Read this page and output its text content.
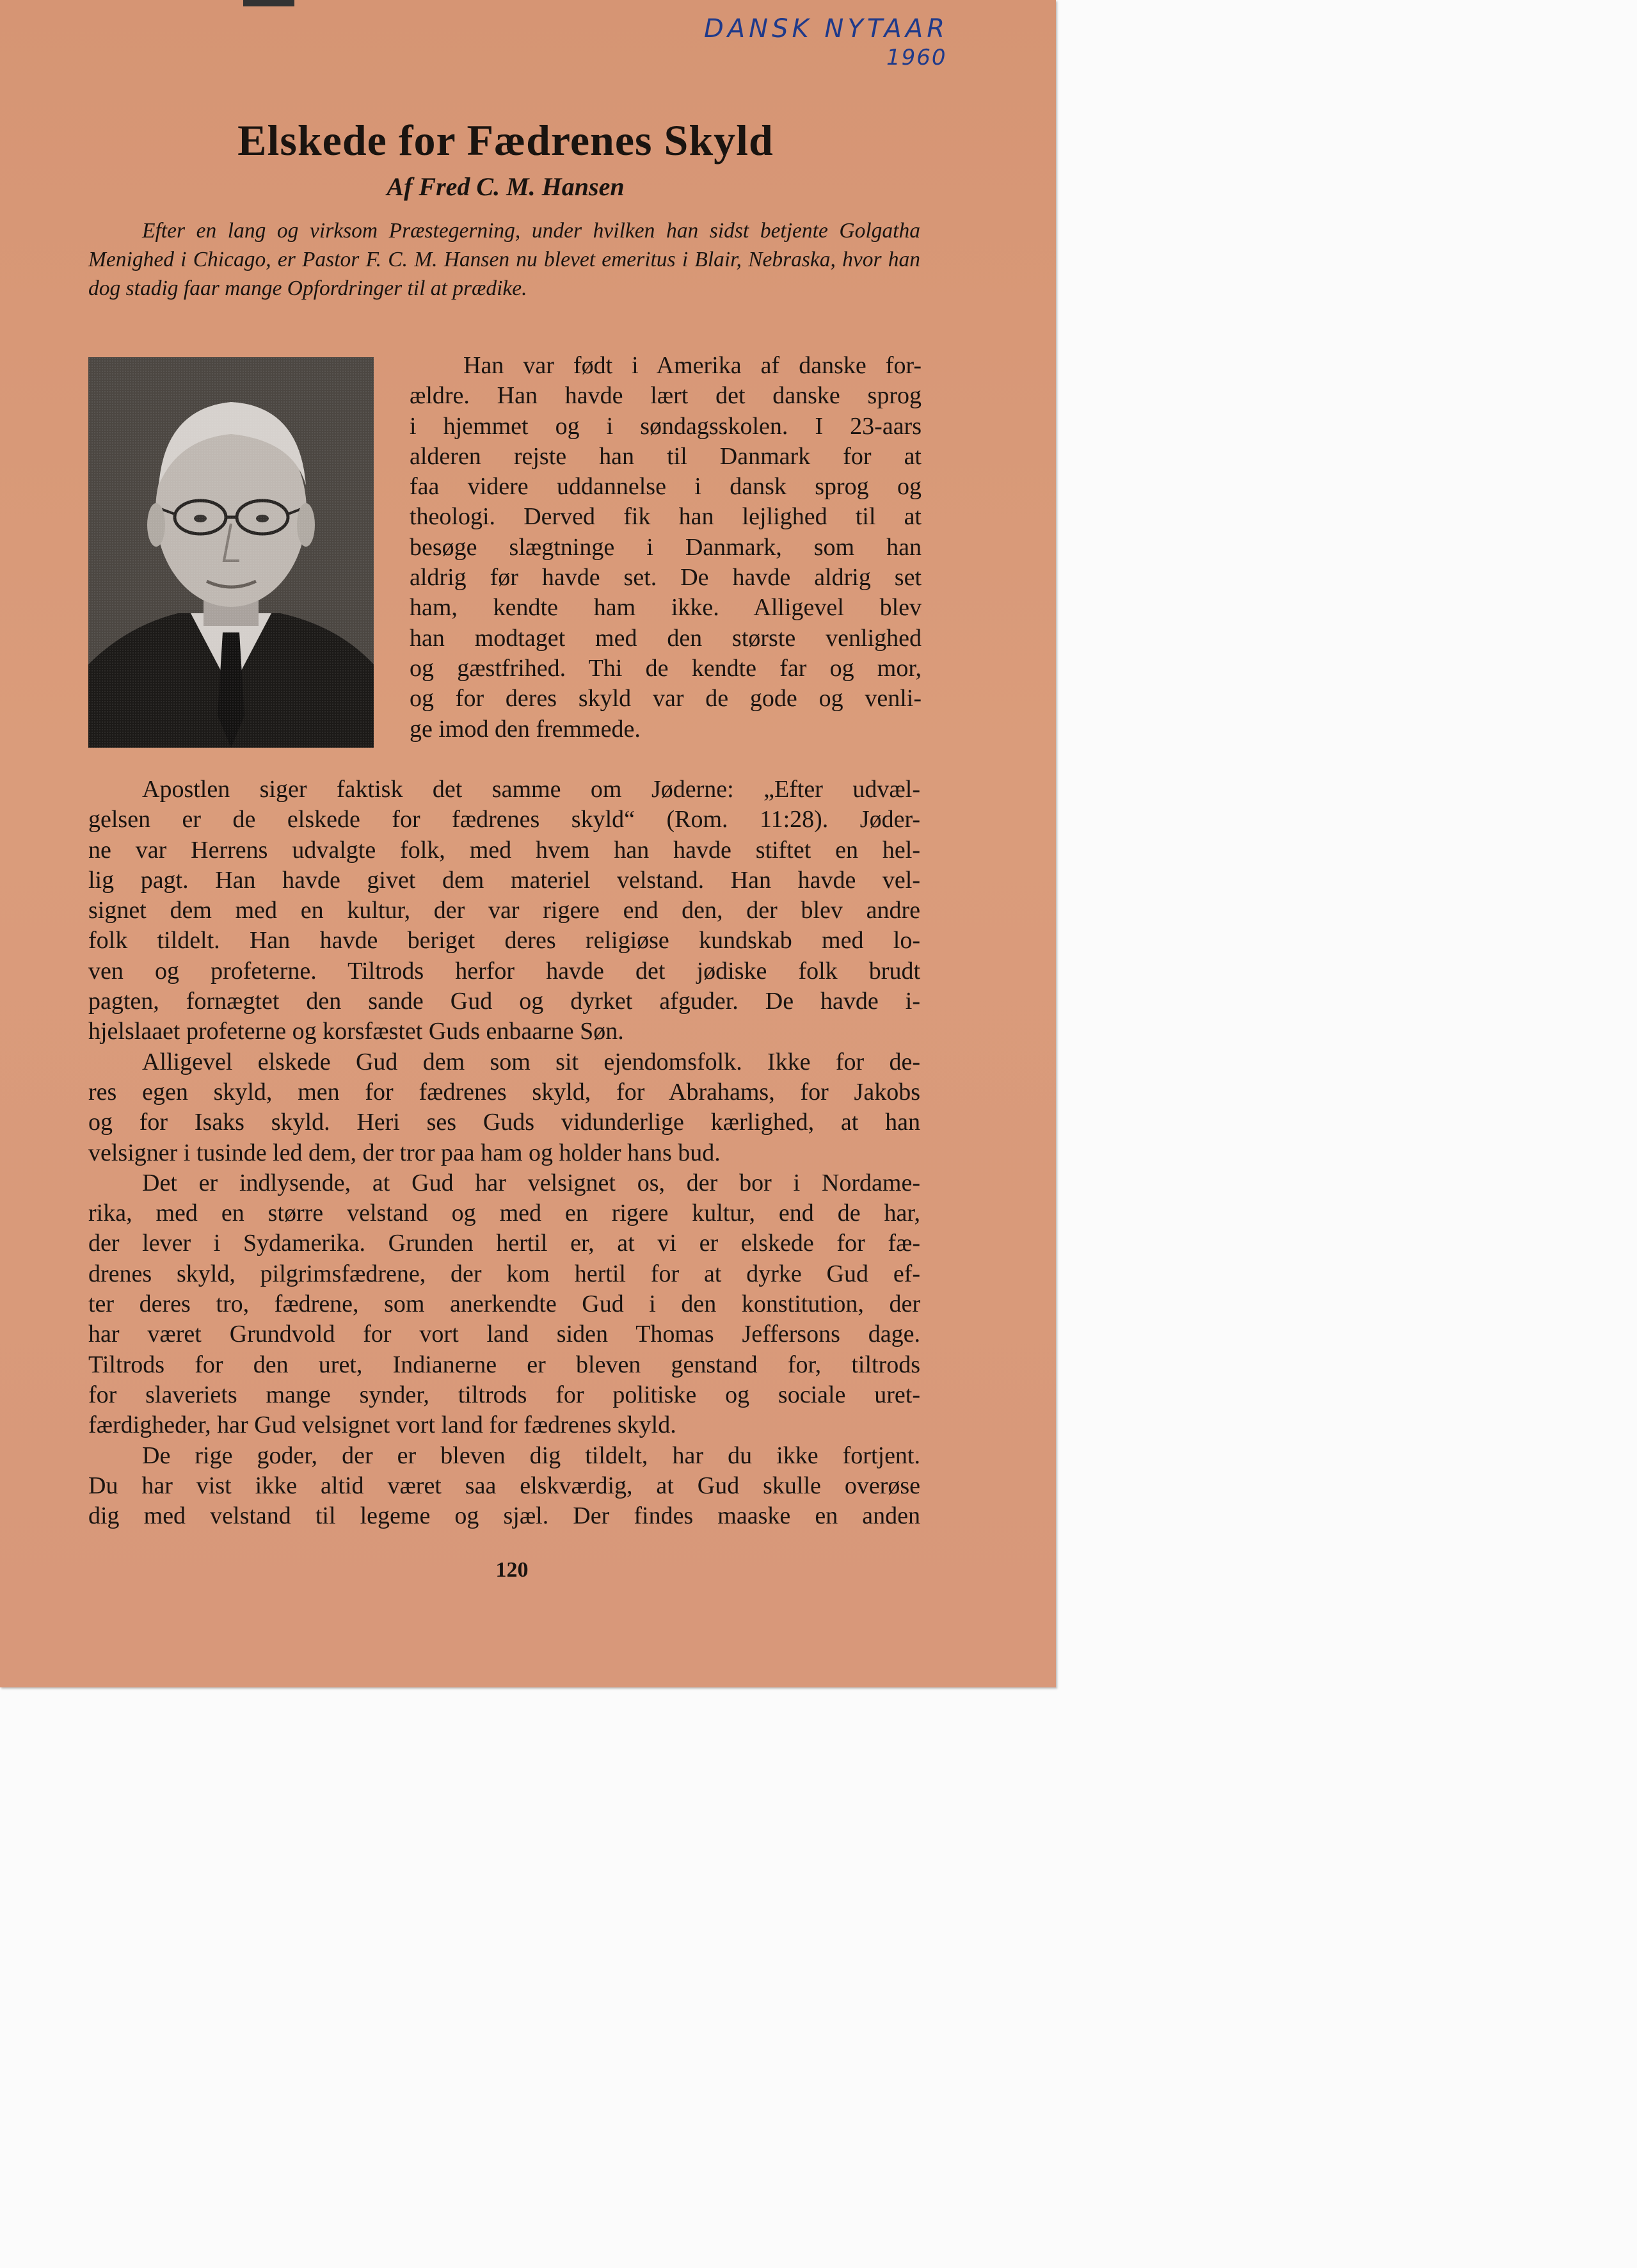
DANSK NYTAAR
1960
Elskede for Fædrenes Skyld
Af Fred C. M. Hansen

Efter en lang og virksom Præstegerning, under hvilken han sidst betjente Golgatha Menighed i Chicago, er Pastor F. C. M. Hansen nu blevet emeritus i Blair, Nebraska, hvor han dog stadig faar mange Opfordringer til at prædike.

Han var født i Amerika af danske for-
ældre. Han havde lært det danske sprog
i hjemmet og i søndagsskolen. I 23-aars
alderen rejste han til Danmark for at
faa videre uddannelse i dansk sprog og
theologi. Derved fik han lejlighed til at
besøge slægtninge i Danmark, som han
aldrig før havde set. De havde aldrig set
ham, kendte ham ikke. Alligevel blev
han modtaget med den største venlighed
og gæstfrihed. Thi de kendte far og mor,
og for deres skyld var de gode og venli-
ge imod den fremmede.
Apostlen siger faktisk det samme om Jøderne: „Efter udvæl-
gelsen er de elskede for fædrenes skyld“ (Rom. 11:28). Jøder-
ne var Herrens udvalgte folk, med hvem han havde stiftet en hel-
lig pagt. Han havde givet dem materiel velstand. Han havde vel-
signet dem med en kultur, der var rigere end den, der blev andre
folk tildelt. Han havde beriget deres religiøse kundskab med lo-
ven og profeterne. Tiltrods herfor havde det jødiske folk brudt
pagten, fornægtet den sande Gud og dyrket afguder. De havde i-
hjelslaaet profeterne og korsfæstet Guds enbaarne Søn.
Alligevel elskede Gud dem som sit ejendomsfolk. Ikke for de-
res egen skyld, men for fædrenes skyld, for Abrahams, for Jakobs
og for Isaks skyld. Heri ses Guds vidunderlige kærlighed, at han
velsigner i tusinde led dem, der tror paa ham og holder hans bud.
Det er indlysende, at Gud har velsignet os, der bor i Nordame-
rika, med en større velstand og med en rigere kultur, end de har,
der lever i Sydamerika. Grunden hertil er, at vi er elskede for fæ-
drenes skyld, pilgrimsfædrene, der kom hertil for at dyrke Gud ef-
ter deres tro, fædrene, som anerkendte Gud i den konstitution, der
har været Grundvold for vort land siden Thomas Jeffersons dage.
Tiltrods for den uret, Indianerne er bleven genstand for, tiltrods
for slaveriets mange synder, tiltrods for politiske og sociale uret-
færdigheder, har Gud velsignet vort land for fædrenes skyld.
De rige goder, der er bleven dig tildelt, har du ikke fortjent.
Du har vist ikke altid været saa elskværdig, at Gud skulle overøse
dig med velstand til legeme og sjæl. Der findes maaske en anden
120
